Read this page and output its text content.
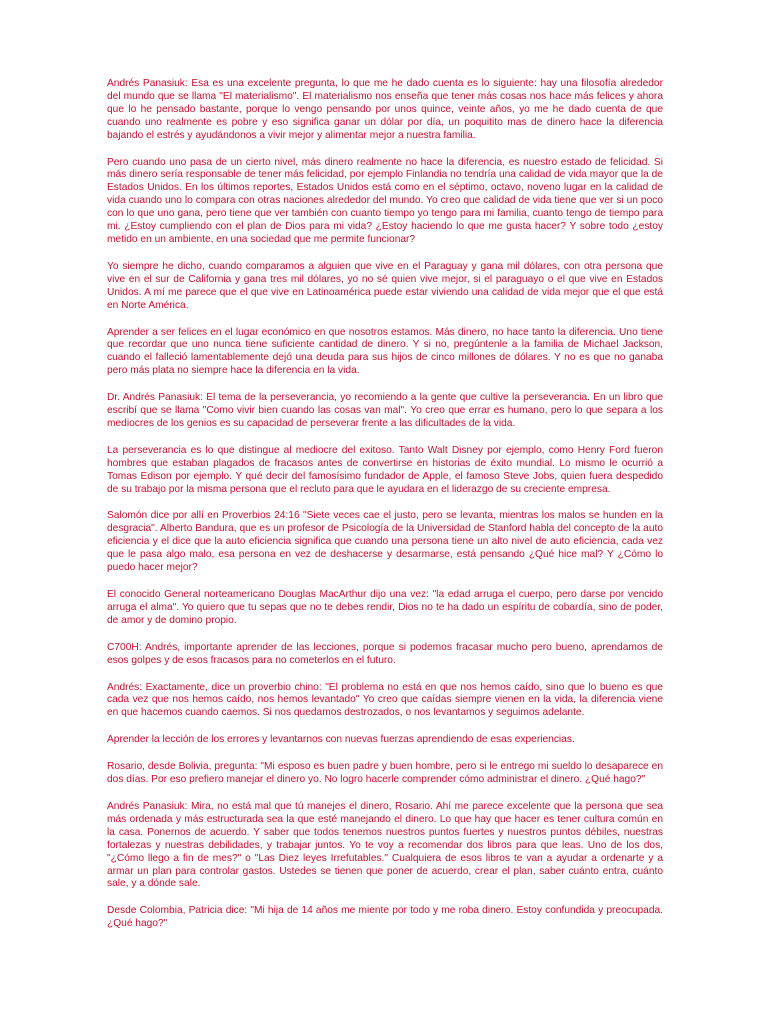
Andrés Panasiuk: Esa es una excelente pregunta, lo que me he dado cuenta es lo siguiente: hay una filosofía alrededor del mundo que se llama "El materialismo". El materialismo nos enseña que tener más cosas nos hace más felices y ahora que lo he pensado bastante, porque lo vengo pensando por unos quince, veinte años, yo me he dado cuenta de que cuando uno realmente es pobre y eso significa ganar un dólar por día, un poquitito mas de dinero hace la diferencia bajando el estrés y ayudándonos a vivir mejor y alimentar mejor a nuestra familia.

Pero cuando uno pasa de un cierto nivel, más dinero realmente no hace la diferencia, es nuestro estado de felicidad. Si más dinero sería responsable de tener más felicidad, por ejemplo Finlandia no tendría una calidad de vida mayor que la de Estados Unidos. En los últimos reportes, Estados Unidos está como en el séptimo, octavo, noveno lugar en la calidad de vida cuando uno lo compara con otras naciones alrededor del mundo. Yo creo que calidad de vida tiene que ver si un poco con lo que uno gana, pero tiene que ver también con cuanto tiempo yo tengo para mi familia, cuanto tengo de tiempo para mi. ¿Estoy cumpliendo con el plan de Dios para mi vida? ¿Estoy haciendo lo que me gusta hacer? Y sobre todo ¿estoy metido en un ambiente, en una sociedad que me permite funcionar?

Yo siempre he dicho, cuando comparamos a alguien que vive en el Paraguay y gana mil dólares, con otra persona que vive en el sur de California y gana tres mil dólares, yo no sé quien vive mejor, si el paraguayo o el que vive en Estados Unidos. A mí me parece que el que vive en Latinoamérica puede estar viviendo una calidad de vida mejor que el que está en Norte América.

Aprender a ser felices en el lugar económico en que nosotros estamos. Más dinero, no hace tanto la diferencia. Uno tiene que recordar que uno nunca tiene suficiente cantidad de dinero. Y si no, pregúntenle a la familia de Michael Jackson, cuando el falleció lamentablemente dejó una deuda para sus hijos de cinco millones de dólares. Y no es que no ganaba pero más plata no siempre hace la diferencia en la vida.

Dr. Andrés Panasiuk: El tema de la perseverancia, yo recomiendo a la gente que cultive la perseverancia. En un libro que escribí que se llama "Como vivir bien cuando las cosas van mal". Yo creo que errar es humano, pero lo que separa a los mediocres de los genios es su capacidad de perseverar frente a las dificultades de la vida.

La perseverancia es lo que distingue al mediocre del exitoso. Tanto Walt Disney por ejemplo, como Henry Ford fueron hombres que estaban plagados de fracasos antes de convertirse en historias de éxito mundial. Lo mismo le ocurrió a Tomas Edison por ejemplo. Y qué decir del famosísimo fundador de Apple, el famoso Steve Jobs, quien fuera despedido de su trabajo por la misma persona que el recluto para que le ayudara en el liderazgo de su creciente empresa.

Salomón dice por allí en Proverbios 24:16 "Siete veces cae el justo, pero se levanta, mientras los malos se hunden en la desgracia". Alberto Bandura, que es un profesor de Psicología de la Universidad de Stanford habla del concepto de la auto eficiencia y el dice que la auto eficiencia significa que cuando una persona tiene un alto nivel de auto eficiencia, cada vez que le pasa algo malo, esa persona en vez de deshacerse y desarmarse, está pensando ¿Qué hice mal? Y ¿Cómo lo puedo hacer mejor?

El conocido General norteamericano Douglas MacArthur dijo una vez: "la edad arruga el cuerpo, pero darse por vencido arruga el alma". Yo quiero que tu sepas que no te debes rendir, Dios no te ha dado un espíritu de cobardía, sino de poder, de amor y de domino propio.

C700H: Andrés, importante aprender de las lecciones, porque si podemos fracasar mucho pero bueno, aprendamos de esos golpes y de esos fracasos para no cometerlos en el futuro.

Andrés: Exactamente, dice un proverbio chino: "El problema no está en que nos hemos caído, sino que lo bueno es que cada vez que nos hemos caído, nos hemos levantado" Yo creo que caídas siempre vienen en la vida, la diferencia viene en que hacemos cuando caemos. Si nos quedamos destrozados, o nos levantamos y seguimos adelante.

Aprender la lección de los errores y levantarnos con nuevas fuerzas aprendiendo de esas experiencias.

Rosario, desde Bolivia, pregunta: "Mi esposo es buen padre y buen hombre, pero si le entrego mi sueldo lo desaparece en dos días. Por eso prefiero manejar el dinero yo. No logro hacerle comprender cómo administrar el dinero. ¿Qué hago?"

Andrés Panasiuk: Mira, no está mal que tú manejes el dinero, Rosario. Ahí me parece excelente que la persona que sea más ordenada y más estructurada sea la que esté manejando el dinero. Lo que hay que hacer es tener cultura común en la casa. Ponernos de acuerdo. Y saber que todos tenemos nuestros puntos fuertes y nuestros puntos débiles, nuestras fortalezas y nuestras debilidades, y trabajar juntos. Yo te voy a recomendar dos libros para que leas. Uno de los dos, "¿Cómo llego a fin de mes?" o "Las Diez leyes Irrefutables." Cualquiera de esos libros te van a ayudar a ordenarte y a armar un plan para controlar gastos. Ustedes se tienen que poner de acuerdo, crear el plan, saber cuánto entra, cuánto sale, y a dónde sale.

Desde Colombia, Patricia dice: "Mi hija de 14 años me miente por todo y me roba dinero. Estoy confundida y preocupada. ¿Qué hago?"
